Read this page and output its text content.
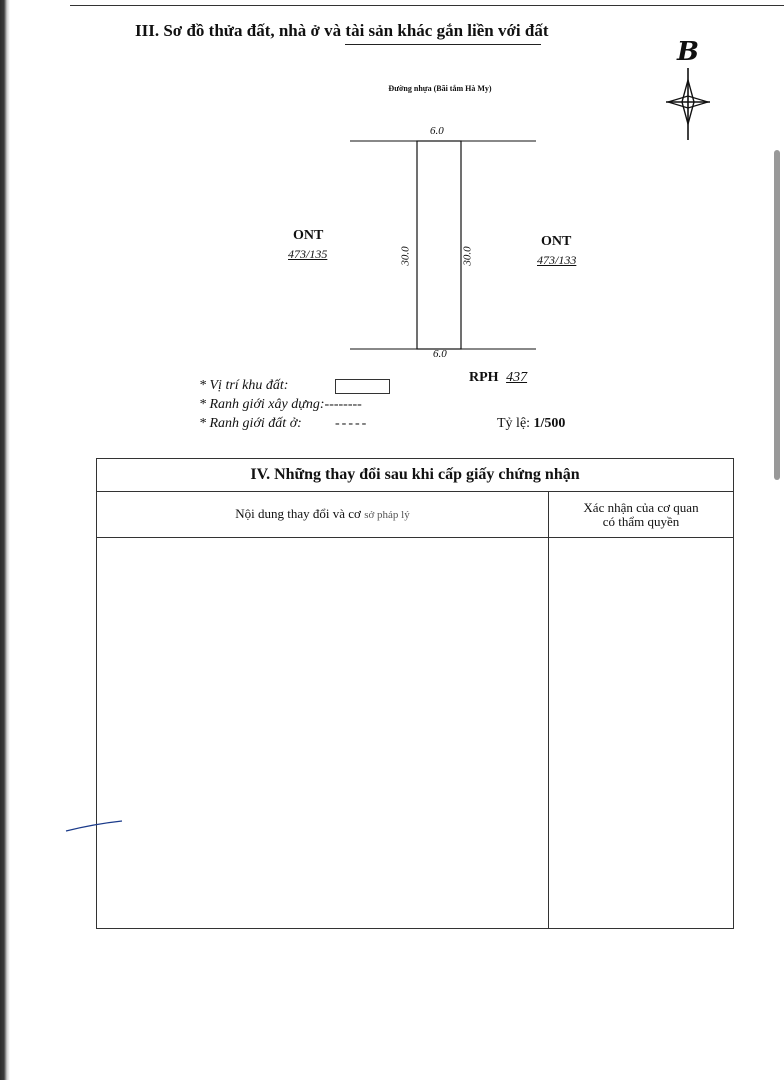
III. Sơ đồ thửa đất, nhà ở và tài sản khác gắn liền với đất
B
Đường nhựa (Bãi tắm Hà My)
6.0
6.0
30.0	30.0
ONT
473/135
ONT
473/133
* Vị trí khu đất:
* Ranh giới xây dựng:--------
* Ranh giới đất ở: -----
RPH 437
Tỷ lệ: 1/500
IV. Những thay đổi sau khi cấp giấy chứng nhận	
Nội dung thay đổi và cơ sở pháp lý	Xác nhận của cơ quan
có thẩm quyền
